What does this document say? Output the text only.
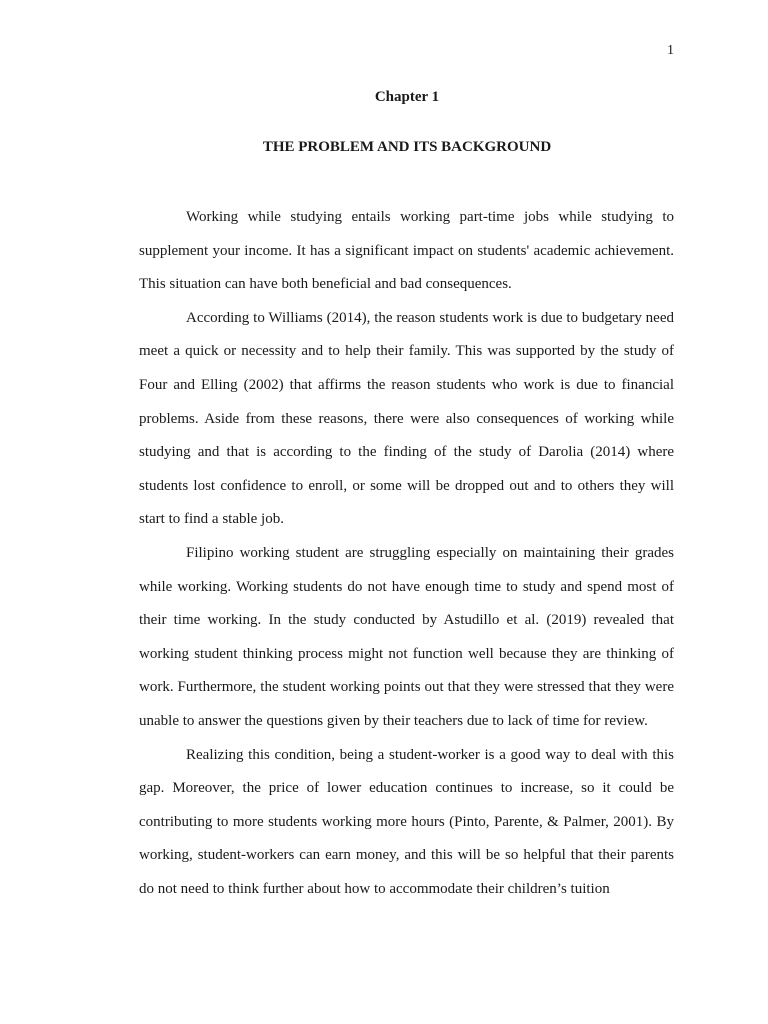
1
Chapter 1
THE PROBLEM AND ITS BACKGROUND

Working while studying entails working part-time jobs while studying to supplement your income. It has a significant impact on students' academic achievement. This situation can have both beneficial and bad consequences.

According to Williams (2014), the reason students work is due to budgetary need meet a quick or necessity and to help their family. This was supported by the study of Four and Elling (2002) that affirms the reason students who work is due to financial problems. Aside from these reasons, there were also consequences of working while studying and that is according to the finding of the study of Darolia (2014) where students lost confidence to enroll, or some will be dropped out and to others they will start to find a stable job.

Filipino working student are struggling especially on maintaining their grades while working. Working students do not have enough time to study and spend most of their time working. In the study conducted by Astudillo et al. (2019) revealed that working student thinking process might not function well because they are thinking of work. Furthermore, the student working points out that they were stressed that they were unable to answer the questions given by their teachers due to lack of time for review.

Realizing this condition, being a student-worker is a good way to deal with this gap. Moreover, the price of lower education continues to increase, so it could be contributing to more students working more hours (Pinto, Parente, & Palmer, 2001). By working, student-workers can earn money, and this will be so helpful that their parents do not need to think further about how to accommodate their children’s tuition
